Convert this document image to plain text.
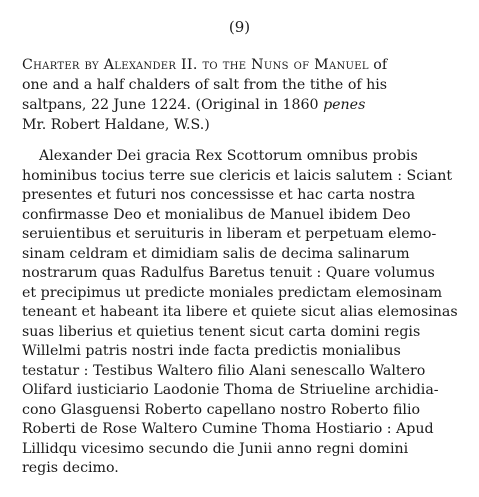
(9)

Charter by Alexander II. to the Nuns of Manuel of
one and a half chalders of salt from the tithe of his
saltpans, 22 June 1224. (Original in 1860 penes
Mr. Robert Haldane, W.S.)

Alexander Dei gracia Rex Scottorum omnibus probis
hominibus tocius terre sue clericis et laicis salutem : Sciant
presentes et futuri nos concessisse et hac carta nostra
confirmasse Deo et monialibus de Manuel ibidem Deo
seruientibus et seruituris in liberam et perpetuam elemo-
sinam celdram et dimidiam salis de decima salinarum
nostrarum quas Radulfus Baretus tenuit : Quare volumus
et precipimus ut predicte moniales predictam elemosinam
teneant et habeant ita libere et quiete sicut alias elemosinas
suas liberius et quietius tenent sicut carta domini regis
Willelmi patris nostri inde facta predictis monialibus
testatur : Testibus Waltero filio Alani senescallo Waltero
Olifard iusticiario Laodonie Thoma de Striueline archidia-
cono Glasguensi Roberto capellano nostro Roberto filio
Roberti de Rose Waltero Cumine Thoma Hostiario : Apud
Lillidqu vicesimo secundo die Junii anno regni domini
regis decimo.
